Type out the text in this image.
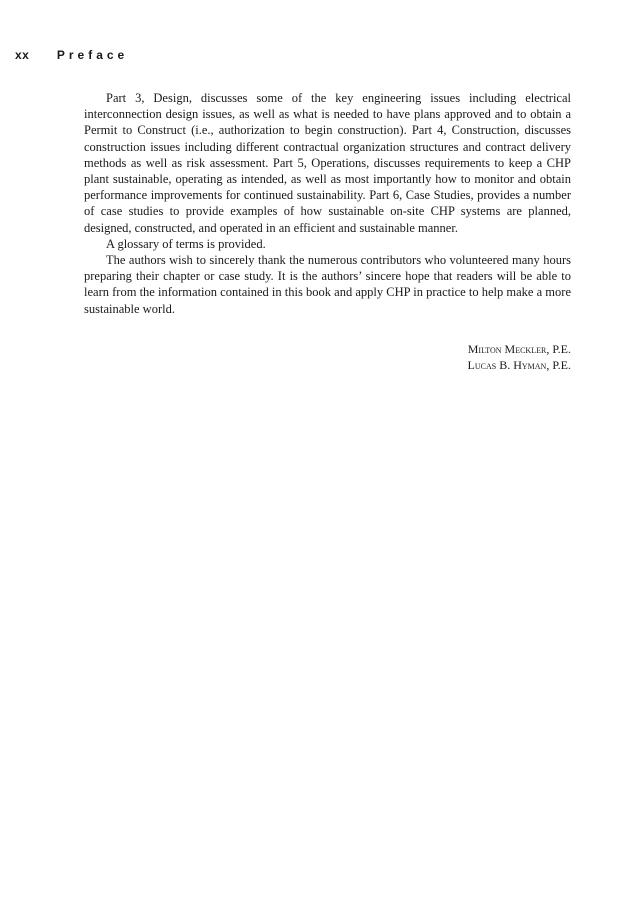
xx Preface

Part 3, Design, discusses some of the key engineering issues including electrical interconnection design issues, as well as what is needed to have plans approved and to obtain a Permit to Construct (i.e., authorization to begin construction). Part 4, Construction, discusses construction issues including different contractual organization structures and contract delivery methods as well as risk assessment. Part 5, Operations, discusses requirements to keep a CHP plant sustainable, operating as intended, as well as most importantly how to monitor and obtain performance improvements for continued sustainability. Part 6, Case Studies, provides a number of case studies to provide examples of how sustainable on-site CHP systems are planned, designed, constructed, and operated in an efficient and sustainable manner.

A glossary of terms is provided.

The authors wish to sincerely thank the numerous contributors who volunteered many hours preparing their chapter or case study. It is the authors’ sincere hope that readers will be able to learn from the information contained in this book and apply CHP in practice to help make a more sustainable world.

Milton Meckler, P.E.
Lucas B. Hyman, P.E.
